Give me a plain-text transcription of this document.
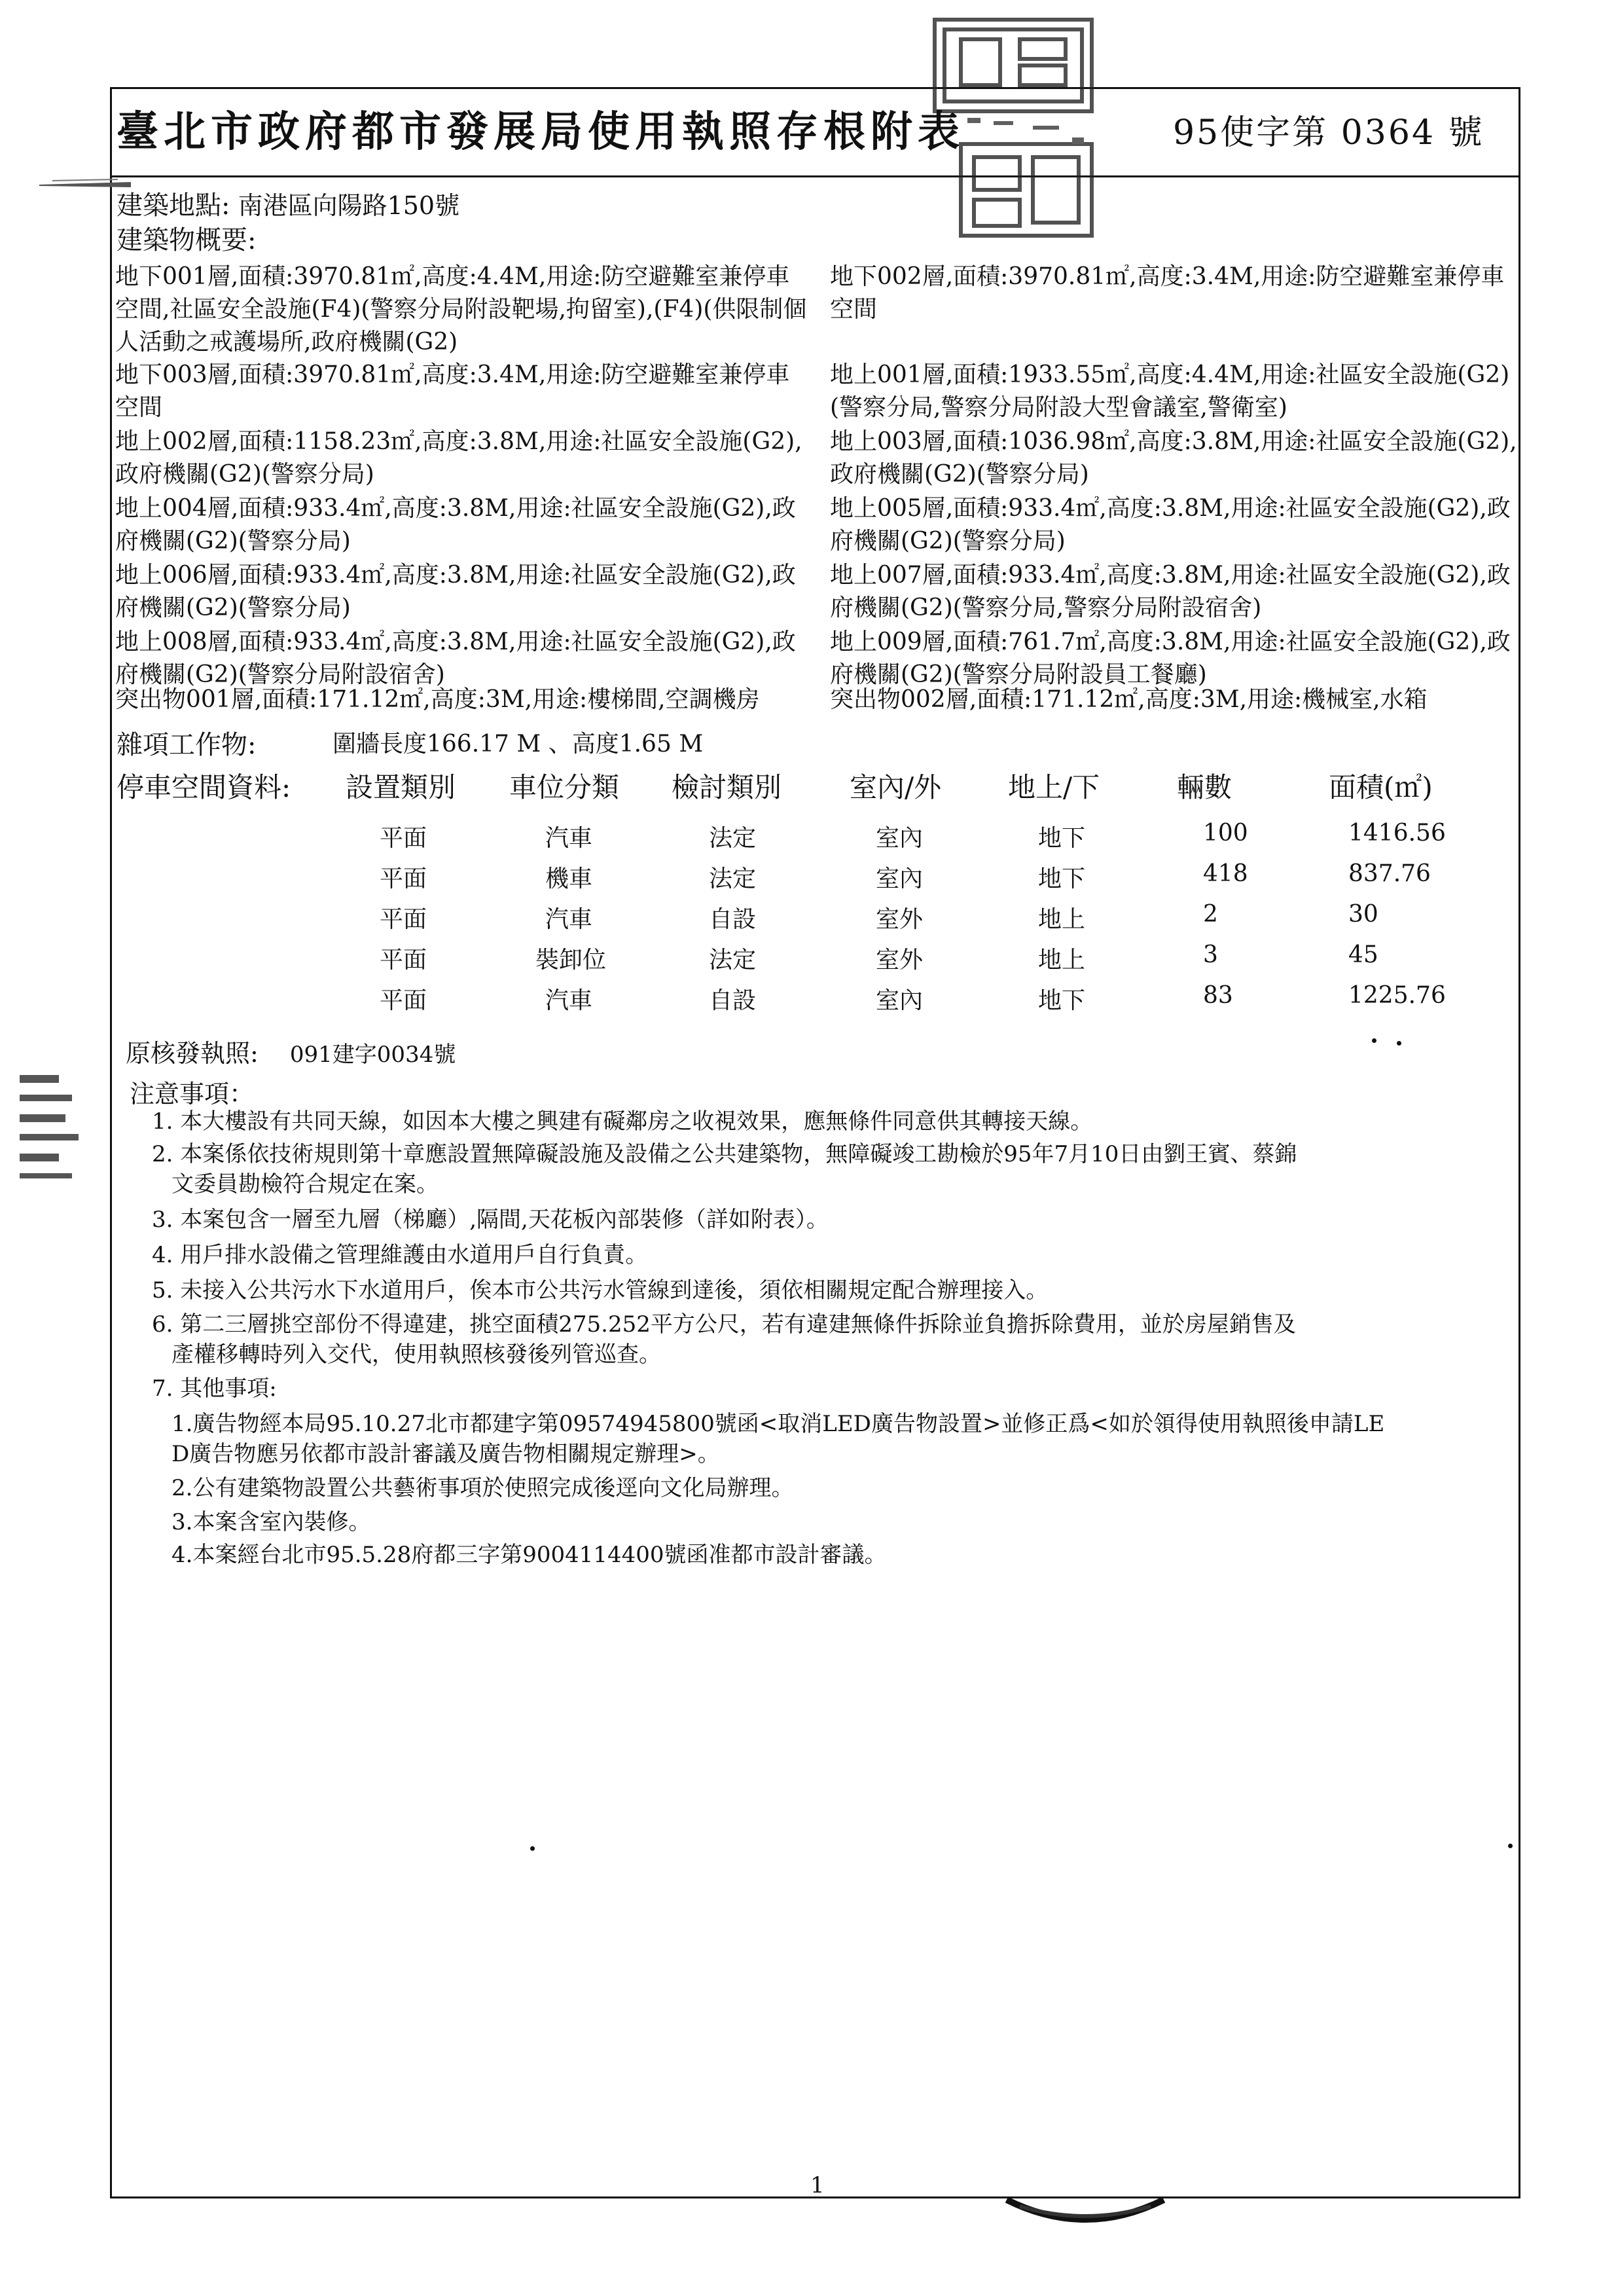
臺北市政府都市發展局使用執照存根附表	95使字第 0364 號
建築地點: 南港區向陽路150號
建築物概要:
地下001層,面積:3970.81㎡,高度:4.4M,用途:防空避難室兼停車空間,社區安全設施(F4)(警察分局附設靶場,拘留室),(F4)(供限制個人活動之戒護場所,政府機關(G2)
地下003層,面積:3970.81㎡,高度:3.4M,用途:防空避難室兼停車空間
地上002層,面積:1158.23㎡,高度:3.8M,用途:社區安全設施(G2),政府機關(G2)(警察分局)
地上004層,面積:933.4㎡,高度:3.8M,用途:社區安全設施(G2),政府機關(G2)(警察分局)
地上006層,面積:933.4㎡,高度:3.8M,用途:社區安全設施(G2),政府機關(G2)(警察分局)
地上008層,面積:933.4㎡,高度:3.8M,用途:社區安全設施(G2),政府機關(G2)(警察分局附設宿舍)
突出物001層,面積:171.12㎡,高度:3M,用途:樓梯間,空調機房
地下002層,面積:3970.81㎡,高度:3.4M,用途:防空避難室兼停車空間
地上001層,面積:1933.55㎡,高度:4.4M,用途:社區安全設施(G2)(警察分局,警察分局附設大型會議室,警衛室)
地上003層,面積:1036.98㎡,高度:3.8M,用途:社區安全設施(G2),政府機關(G2)(警察分局)
地上005層,面積:933.4㎡,高度:3.8M,用途:社區安全設施(G2),政府機關(G2)(警察分局)
地上007層,面積:933.4㎡,高度:3.8M,用途:社區安全設施(G2),政府機關(G2)(警察分局,警察分局附設宿舍)
地上009層,面積:761.7㎡,高度:3.8M,用途:社區安全設施(G2),政府機關(G2)(警察分局附設員工餐廳)
突出物002層,面積:171.12㎡,高度:3M,用途:機械室,水箱
雜項工作物:	圍牆長度166.17 M 、高度1.65 M
停車空間資料: 設置類別 車位分類 檢討類別 室內/外 地上/下	輛數	面積(㎡)
平面	汽車	法定	室內	地下	100	1416.56
平面	機車	法定	室內	地下	418	837.76
平面	汽車	自設	室外	地上	2	30
平面	裝卸位	法定	室外	地上	3	45
平面	汽車	自設	室內	地下	83	1225.76
原核發執照: 091建字0034號
注意事項：
1. 本大樓設有共同天線，如因本大樓之興建有礙鄰房之收視效果，應無條件同意供其轉接天線。
2. 本案係依技術規則第十章應設置無障礙設施及設備之公共建築物，無障礙竣工勘檢於95年7月10日由劉王賓、蔡錦
文委員勘檢符合規定在案。
3. 本案包含一層至九層（梯廳）,隔間,天花板內部裝修（詳如附表）。
4. 用戶排水設備之管理維護由水道用戶自行負責。
5. 未接入公共污水下水道用戶，俟本市公共污水管線到達後，須依相關規定配合辦理接入。
6. 第二三層挑空部份不得違建，挑空面積275.252平方公尺，若有違建無條件拆除並負擔拆除費用，並於房屋銷售及
產權移轉時列入交代，使用執照核發後列管巡查。
7. 其他事項:
1.廣告物經本局95.10.27北市都建字第09574945800號函<取消LED廣告物設置>並修正爲<如於領得使用執照後申請LE
D廣告物應另依都市設計審議及廣告物相關規定辦理>。
2.公有建築物設置公共藝術事項於使照完成後逕向文化局辦理。
3.本案含室內裝修。
4.本案經台北市95.5.28府都三字第9004114400號函准都市設計審議。
1
